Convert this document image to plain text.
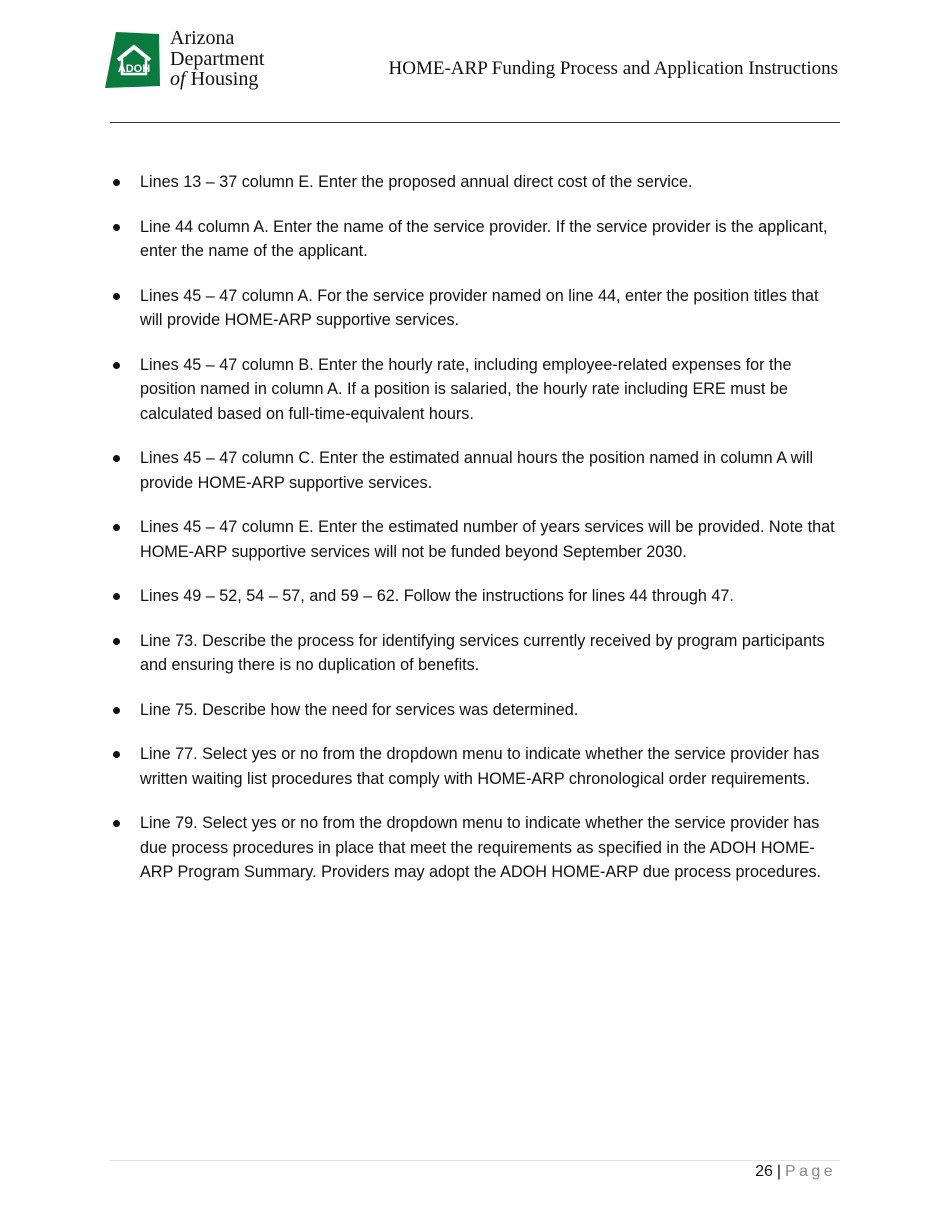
ADOH
Arizona
Department
of Housing	HOME-ARP Funding Process and Application Instructions
Lines 13 – 37 column E. Enter the proposed annual direct cost of the service.
Line 44 column A. Enter the name of the service provider. If the service provider is the applicant, enter the name of the applicant.
Lines 45 – 47 column A. For the service provider named on line 44, enter the position titles that will provide HOME-ARP supportive services.
Lines 45 – 47 column B. Enter the hourly rate, including employee-related expenses for the position named in column A. If a position is salaried, the hourly rate including ERE must be calculated based on full-time-equivalent hours.
Lines 45 – 47 column C. Enter the estimated annual hours the position named in column A will provide HOME-ARP supportive services.
Lines 45 – 47 column E. Enter the estimated number of years services will be provided. Note that HOME-ARP supportive services will not be funded beyond September 2030.
Lines 49 – 52, 54 – 57, and 59 – 62. Follow the instructions for lines 44 through 47.
Line 73. Describe the process for identifying services currently received by program participants and ensuring there is no duplication of benefits.
Line 75. Describe how the need for services was determined.
Line 77. Select yes or no from the dropdown menu to indicate whether the service provider has written waiting list procedures that comply with HOME-ARP chronological order requirements.
Line 79. Select yes or no from the dropdown menu to indicate whether the service provider has due process procedures in place that meet the requirements as specified in the ADOH HOME-ARP Program Summary. Providers may adopt the ADOH HOME-ARP due process procedures.
26 | Page
